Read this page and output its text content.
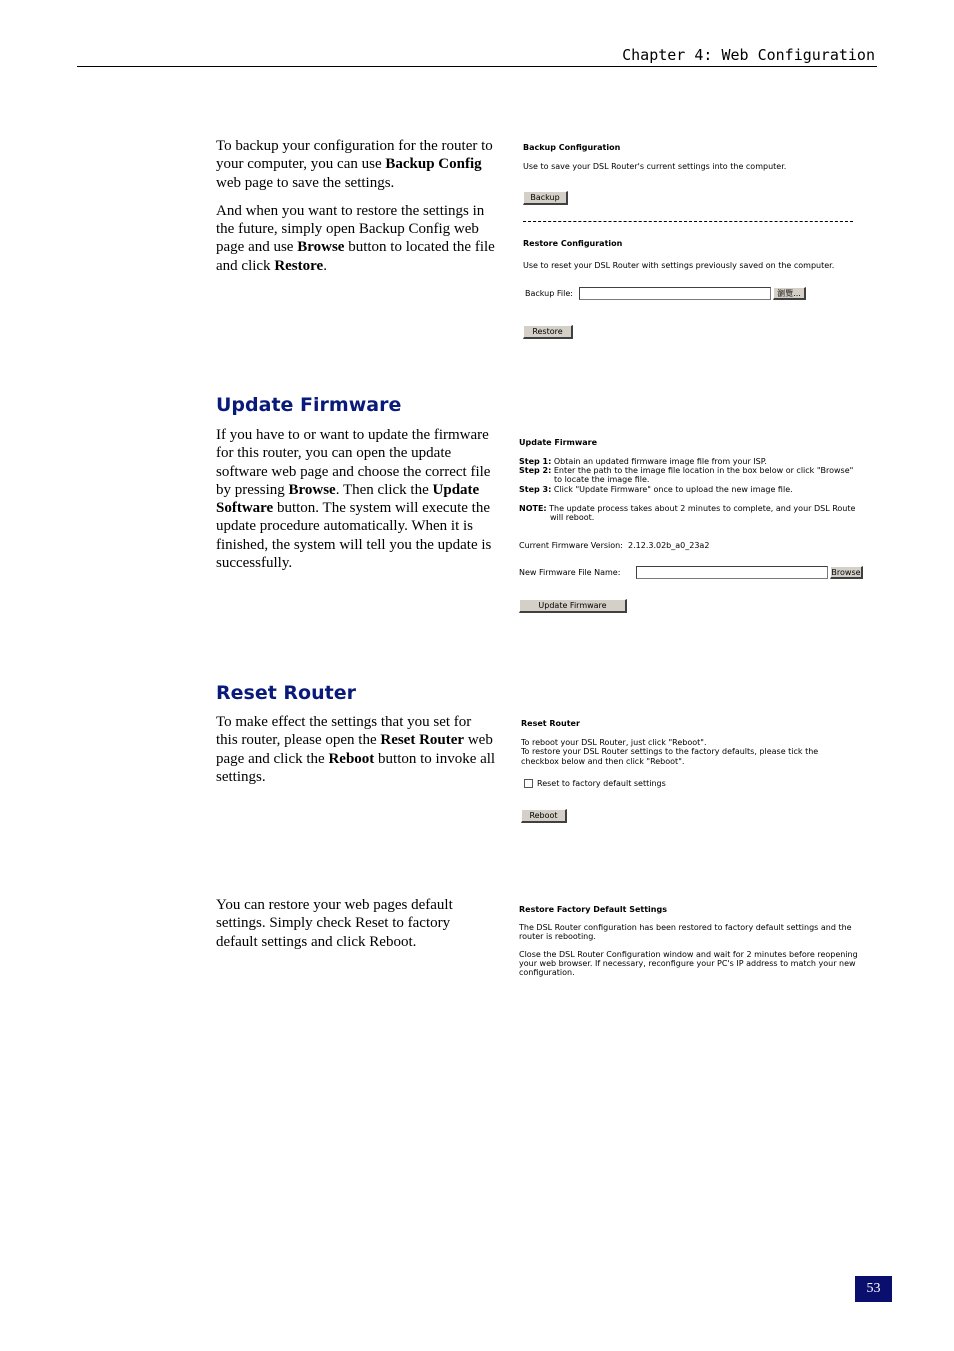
Chapter 4: Web Configuration

To backup your configuration for the router to your computer, you can use Backup Config web page to save the settings.

And when you want to restore the settings in the future, simply open Backup Config web page and use Browse button to located the file and click Restore.

Backup Configuration
Use to save your DSL Router's current settings into the computer.
Backup
Restore Configuration
Use to reset your DSL Router with settings previously saved on the computer.
Backup File:	瀏覽...
Restore
Update Firmware

If you have to or want to update the firmware for this router, you can open the update software web page and choose the correct file by pressing Browse. Then click the Update Software button. The system will execute the update procedure automatically. When it is finished, the system will tell you the update is successfully.

Update Firmware
Step 1: Obtain an updated firmware image file from your ISP.
Step 2: Enter the path to the image file location in the box below or click "Browse"
to locate the image file.
Step 3: Click "Update Firmware" once to upload the new image file.
NOTE: The update process takes about 2 minutes to complete, and your DSL Route
will reboot.
Current Firmware Version: 2.12.3.02b_a0_23a2
New Firmware File Name:	Browse
Update Firmware
Reset Router

To make effect the settings that you set for this router, please open the Reset Router web page and click the Reboot button to invoke all settings.

Reset Router
To reboot your DSL Router, just click "Reboot".
To restore your DSL Router settings to the factory defaults, please tick the
checkbox below and then click "Reboot".
Reset to factory default settings
Reboot

You can restore your web pages default settings. Simply check Reset to factory default settings and click Reboot.

Restore Factory Default Settings
The DSL Router configuration has been restored to factory default settings and the
router is rebooting.
Close the DSL Router Configuration window and wait for 2 minutes before reopening
your web browser. If necessary, reconfigure your PC's IP address to match your new
configuration.
53
